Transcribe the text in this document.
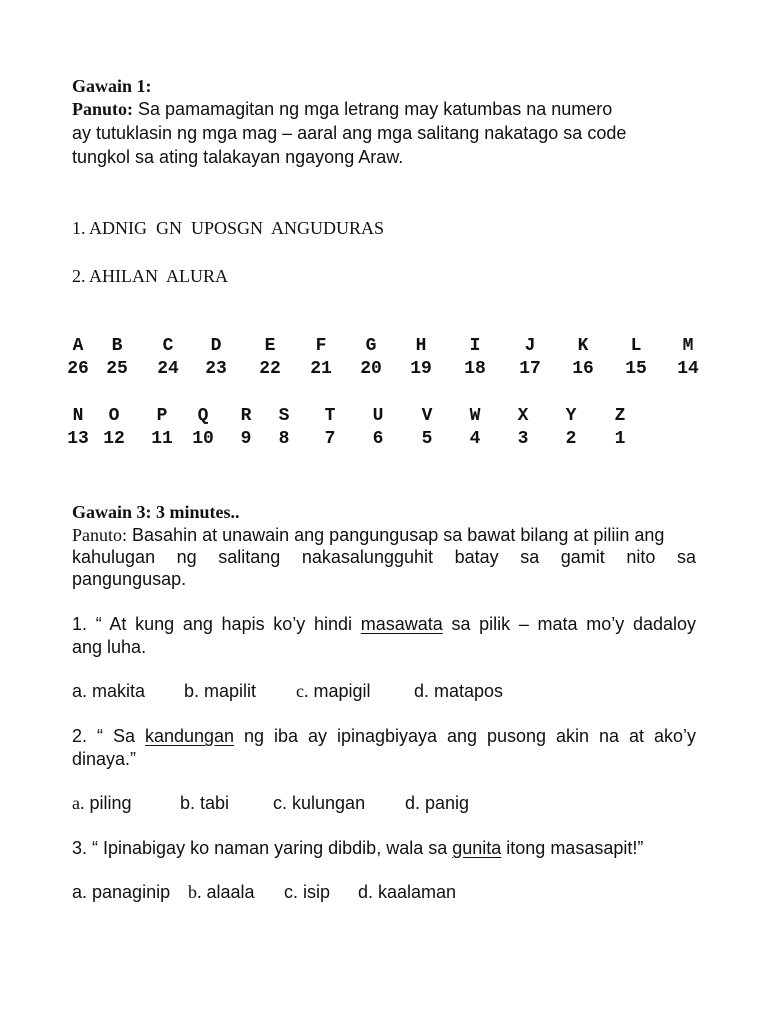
Gawain 1:
Panuto: Sa pamamagitan ng mga letrang may katumbas na numero
ay tutuklasin ng mga mag – aaral ang mga salitang nakatago sa code
tungkol sa ating talakayan ngayong Araw.
1. ADNIG  GN  UPOSGN  ANGUDURAS
2. AHILAN  ALURA
A	B	C	D	E	F	G	H	I	J	K	L	M
26 25 24 23 22 21 20 19 18 17 16 15 14
N	O	P	Q	R	S	T	U	V	W	X	Y	Z
13 12 11 10	9	8	7	6	5	4	3	2	1
Gawain 3: 3 minutes..
Panuto: Basahin at unawain ang pangungusap sa bawat bilang at piliin ang
kahulugan ng salitang nakasalungguhit batay sa gamit nito sa
pangungusap.
1. “ At kung ang hapis ko’y hindi masawata sa pilik – mata mo’y dadaloy
ang luha.
a. makita b. mapilit c. mapigil d. matapos
2. “ Sa kandungan ng iba ay ipinagbiyaya ang pusong akin na at ako’y
dinaya.”
a. piling	b. tabi c. kulungan d. panig
3. “ Ipinabigay ko naman yaring dibdib, wala sa gunita itong masasapit!”
a. panaginip b. alaala c. isip d. kaalaman
